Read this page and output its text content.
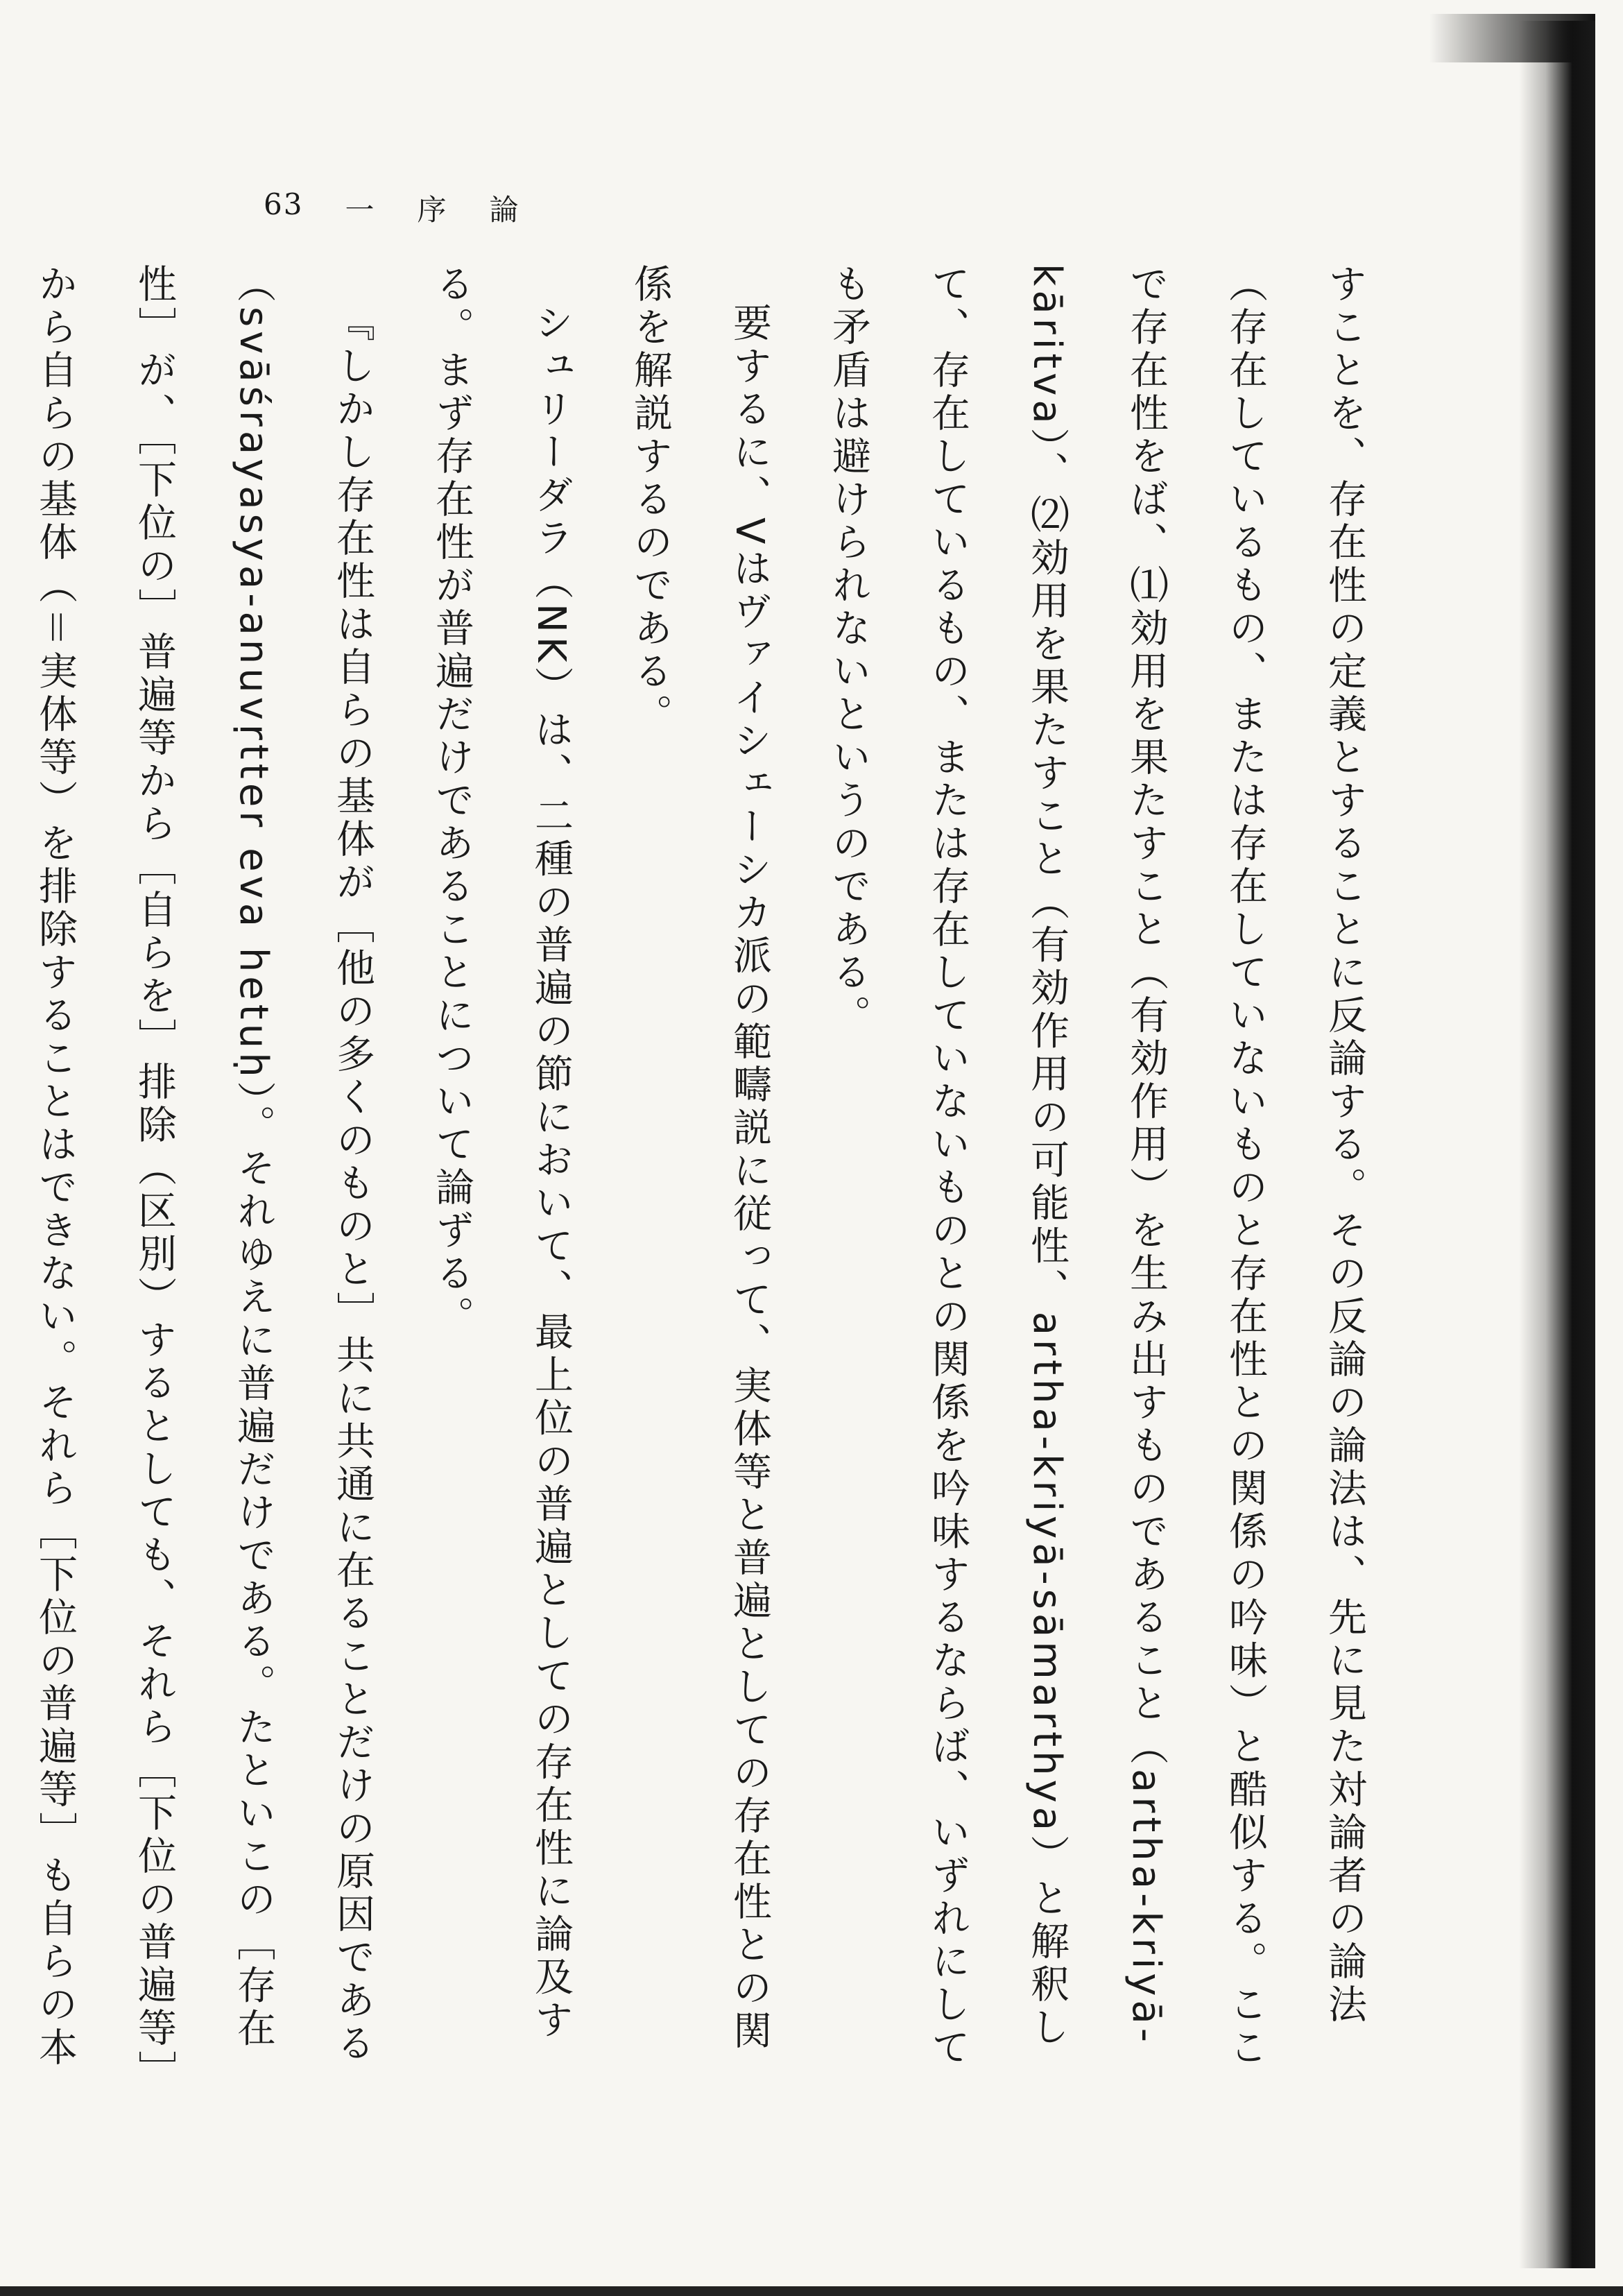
63 一 序 論

すことを、存在性の定義とすることに反論する。その反論の論法は、先に見た対論者の論法（存在しているもの、または存在していないものと存在性との関係の吟味）と酷似する。ここで存在性をば、⑴効用を果たすこと（有効作用）を生み出すものであること（artha-kriyā-kāritva）、⑵効用を果たすこと（有効作用の可能性、artha-kriyā-sāmarthya）と解釈して、存在しているもの、または存在していないものとの関係を吟味するならば、いずれにしても矛盾は避けられないというのである。

要するに、Vはヴァイシェーシカ派の範疇説に従って、実体等と普遍としての存在性との関係を解説するのである。

シュリーダラ（NK）は、二種の普遍の節において、最上位の普遍としての存在性に論及する。まず存在性が普遍だけであることについて論ずる。

『しかし存在性は自らの基体が［他の多くのものと］共に共通に在ることだけの原因である（svāśrayasya-anuvṛtter eva hetuḥ）。それゆえに普遍だけである。たといこの［存在性］が、［下位の］普遍等から［自らを］排除（区別）するとしても、それら［下位の普遍等］から自らの基体（＝実体等）を排除することはできない。それら［下位の普遍等］も自らの本
